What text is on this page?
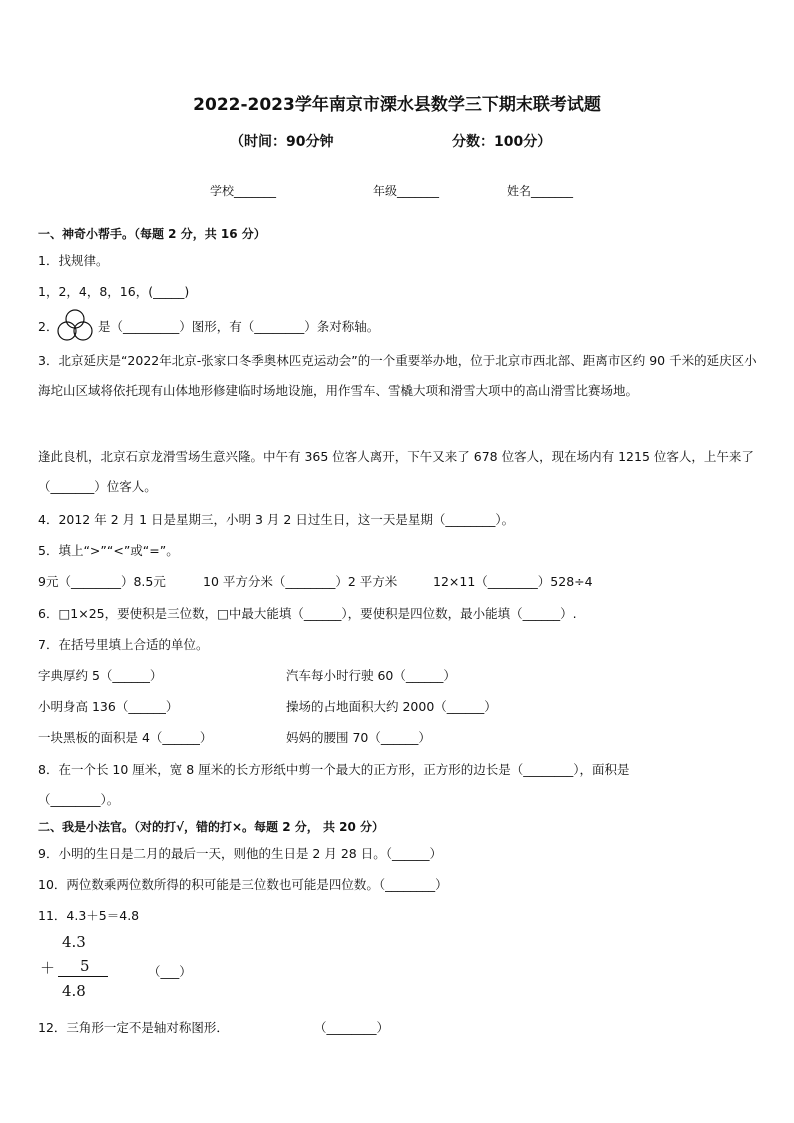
2022-2023学年南京市溧水县数学三下期末联考试题
（时间：90分钟	分数：100分）
学校_______	年级_______	姓名_______
一、神奇小帮手。（每题 2 分，共 16 分）
1．找规律。
1，2，4，8，16，(_____)
2．	是（_________）图形，有（________）条对称轴。
3．北京延庆是“2022年北京-张家口冬季奥林匹克运动会”的一个重要举办地，位于北京市西北部、距离市区约 90 千米的延庆区小海坨山区域将依托现有山体地形修建临时场地设施，用作雪车、雪橇大项和滑雪大项中的高山滑雪比赛场地。
逢此良机，北京石京龙滑雪场生意兴隆。中午有 365 位客人离开，下午又来了 678 位客人，现在场内有 1215 位客人，上午来了（_______）位客人。
4．2012 年 2 月 1 日是星期三，小明 3 月 2 日过生日，这一天是星期（________）。
5．填上“>”“<”或“=”。
9元（________）8.5元	10 平方分米（________）2 平方米	12×11（________）528÷4
6．□1×25，要使积是三位数，□中最大能填（______），要使积是四位数，最小能填（______）.
7．在括号里填上合适的单位。
字典厚约 5（______）	汽车每小时行驶 60（______）
小明身高 136（______）	操场的占地面积大约 2000（______）
一块黑板的面积是 4（______）	妈妈的腰围 70（______）
8．在一个长 10 厘米，宽 8 厘米的长方形纸中剪一个最大的正方形，正方形的边长是（________），面积是
（________）。
二、我是小法官。（对的打√，错的打×。每题 2 分， 共 20 分）
9．小明的生日是二月的最后一天，则他的生日是 2 月 28 日。（______）
10．两位数乘两位数所得的积可能是三位数也可能是四位数。（________）
11．4.3＋5＝4.8
4.3
＋ 5
4.8
（___）
12．三角形一定不是轴对称图形．	（________）
